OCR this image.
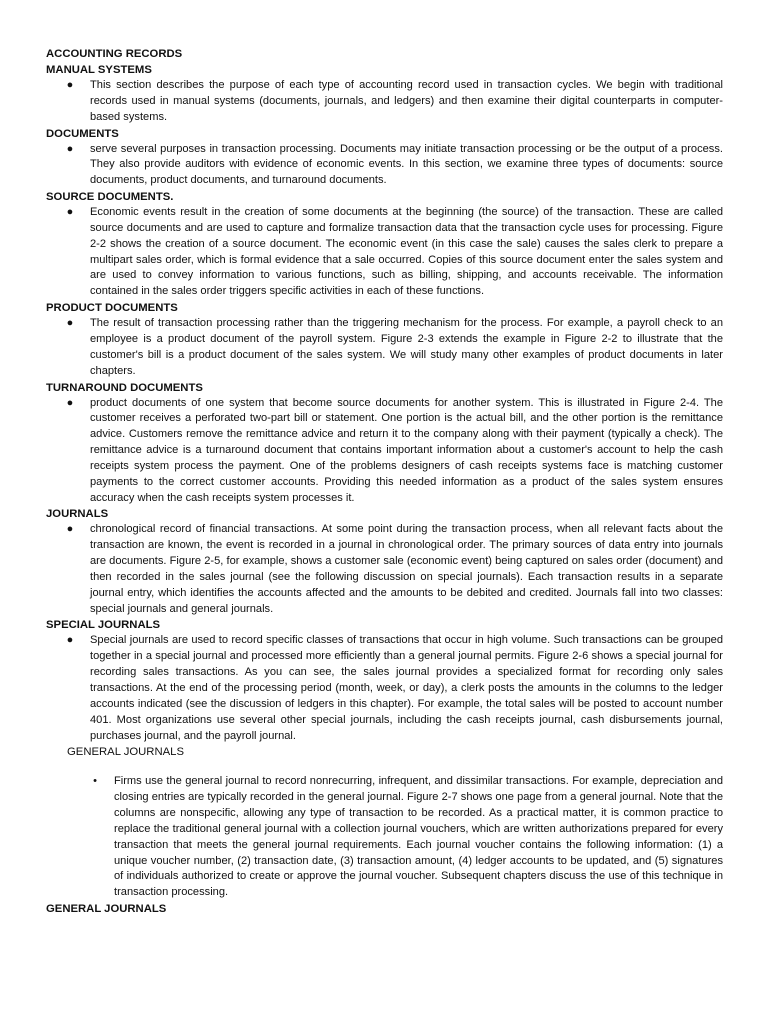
ACCOUNTING RECORDS

MANUAL SYSTEMS

●	This section describes the purpose of each type of accounting record used in transaction cycles. We begin with traditional records used in manual systems (documents, journals, and ledgers) and then examine their digital counterparts in computer-based systems.

DOCUMENTS

●	serve several purposes in transaction processing. Documents may initiate transaction processing or be the output of a process. They also provide auditors with evidence of economic events. In this section, we examine three types of documents: source documents, product documents, and turnaround documents.

SOURCE DOCUMENTS.

●	Economic events result in the creation of some documents at the beginning (the source) of the transaction. These are called source documents and are used to capture and formalize transaction data that the transaction cycle uses for processing. Figure 2-2 shows the creation of a source document. The economic event (in this case the sale) causes the sales clerk to prepare a multipart sales order, which is formal evidence that a sale occurred. Copies of this source document enter the sales system and are used to convey information to various functions, such as billing, shipping, and accounts receivable. The information contained in the sales order triggers specific activities in each of these functions.

PRODUCT DOCUMENTS

●	The result of transaction processing rather than the triggering mechanism for the process. For example, a payroll check to an employee is a product document of the payroll system. Figure 2-3 extends the example in Figure 2-2 to illustrate that the customer's bill is a product document of the sales system. We will study many other examples of product documents in later chapters.

TURNAROUND DOCUMENTS

●	product documents of one system that become source documents for another system. This is illustrated in Figure 2-4. The customer receives a perforated two-part bill or statement. One portion is the actual bill, and the other portion is the remittance advice. Customers remove the remittance advice and return it to the company along with their payment (typically a check). The remittance advice is a turnaround document that contains important information about a customer's account to help the cash receipts system process the payment. One of the problems designers of cash receipts systems face is matching customer payments to the correct customer accounts. Providing this needed information as a product of the sales system ensures accuracy when the cash receipts system processes it.

JOURNALS

●	chronological record of financial transactions. At some point during the transaction process, when all relevant facts about the transaction are known, the event is recorded in a journal in chronological order. The primary sources of data entry into journals are documents. Figure 2-5, for example, shows a customer sale (economic event) being captured on sales order (document) and then recorded in the sales journal (see the following discussion on special journals). Each transaction results in a separate journal entry, which identifies the accounts affected and the amounts to be debited and credited. Journals fall into two classes: special journals and general journals.

SPECIAL JOURNALS

●	Special journals are used to record specific classes of transactions that occur in high volume. Such transactions can be grouped together in a special journal and processed more efficiently than a general journal permits. Figure 2-6 shows a special journal for recording sales transactions. As you can see, the sales journal provides a specialized format for recording only sales transactions. At the end of the processing period (month, week, or day), a clerk posts the amounts in the columns to the ledger accounts indicated (see the discussion of ledgers in this chapter). For example, the total sales will be posted to account number 401. Most organizations use several other special journals, including the cash receipts journal, cash disbursements journal, purchases journal, and the payroll journal.

GENERAL JOURNALS

•	Firms use the general journal to record nonrecurring, infrequent, and dissimilar transactions. For example, depreciation and closing entries are typically recorded in the general journal. Figure 2-7 shows one page from a general journal. Note that the columns are nonspecific, allowing any type of transaction to be recorded. As a practical matter, it is common practice to replace the traditional general journal with a collection journal vouchers, which are written authorizations prepared for every transaction that meets the general journal requirements. Each journal voucher contains the following information: (1) a unique voucher number, (2) transaction date, (3) transaction amount, (4) ledger accounts to be updated, and (5) signatures of individuals authorized to create or approve the journal voucher. Subsequent chapters discuss the use of this technique in transaction processing.

GENERAL JOURNALS
